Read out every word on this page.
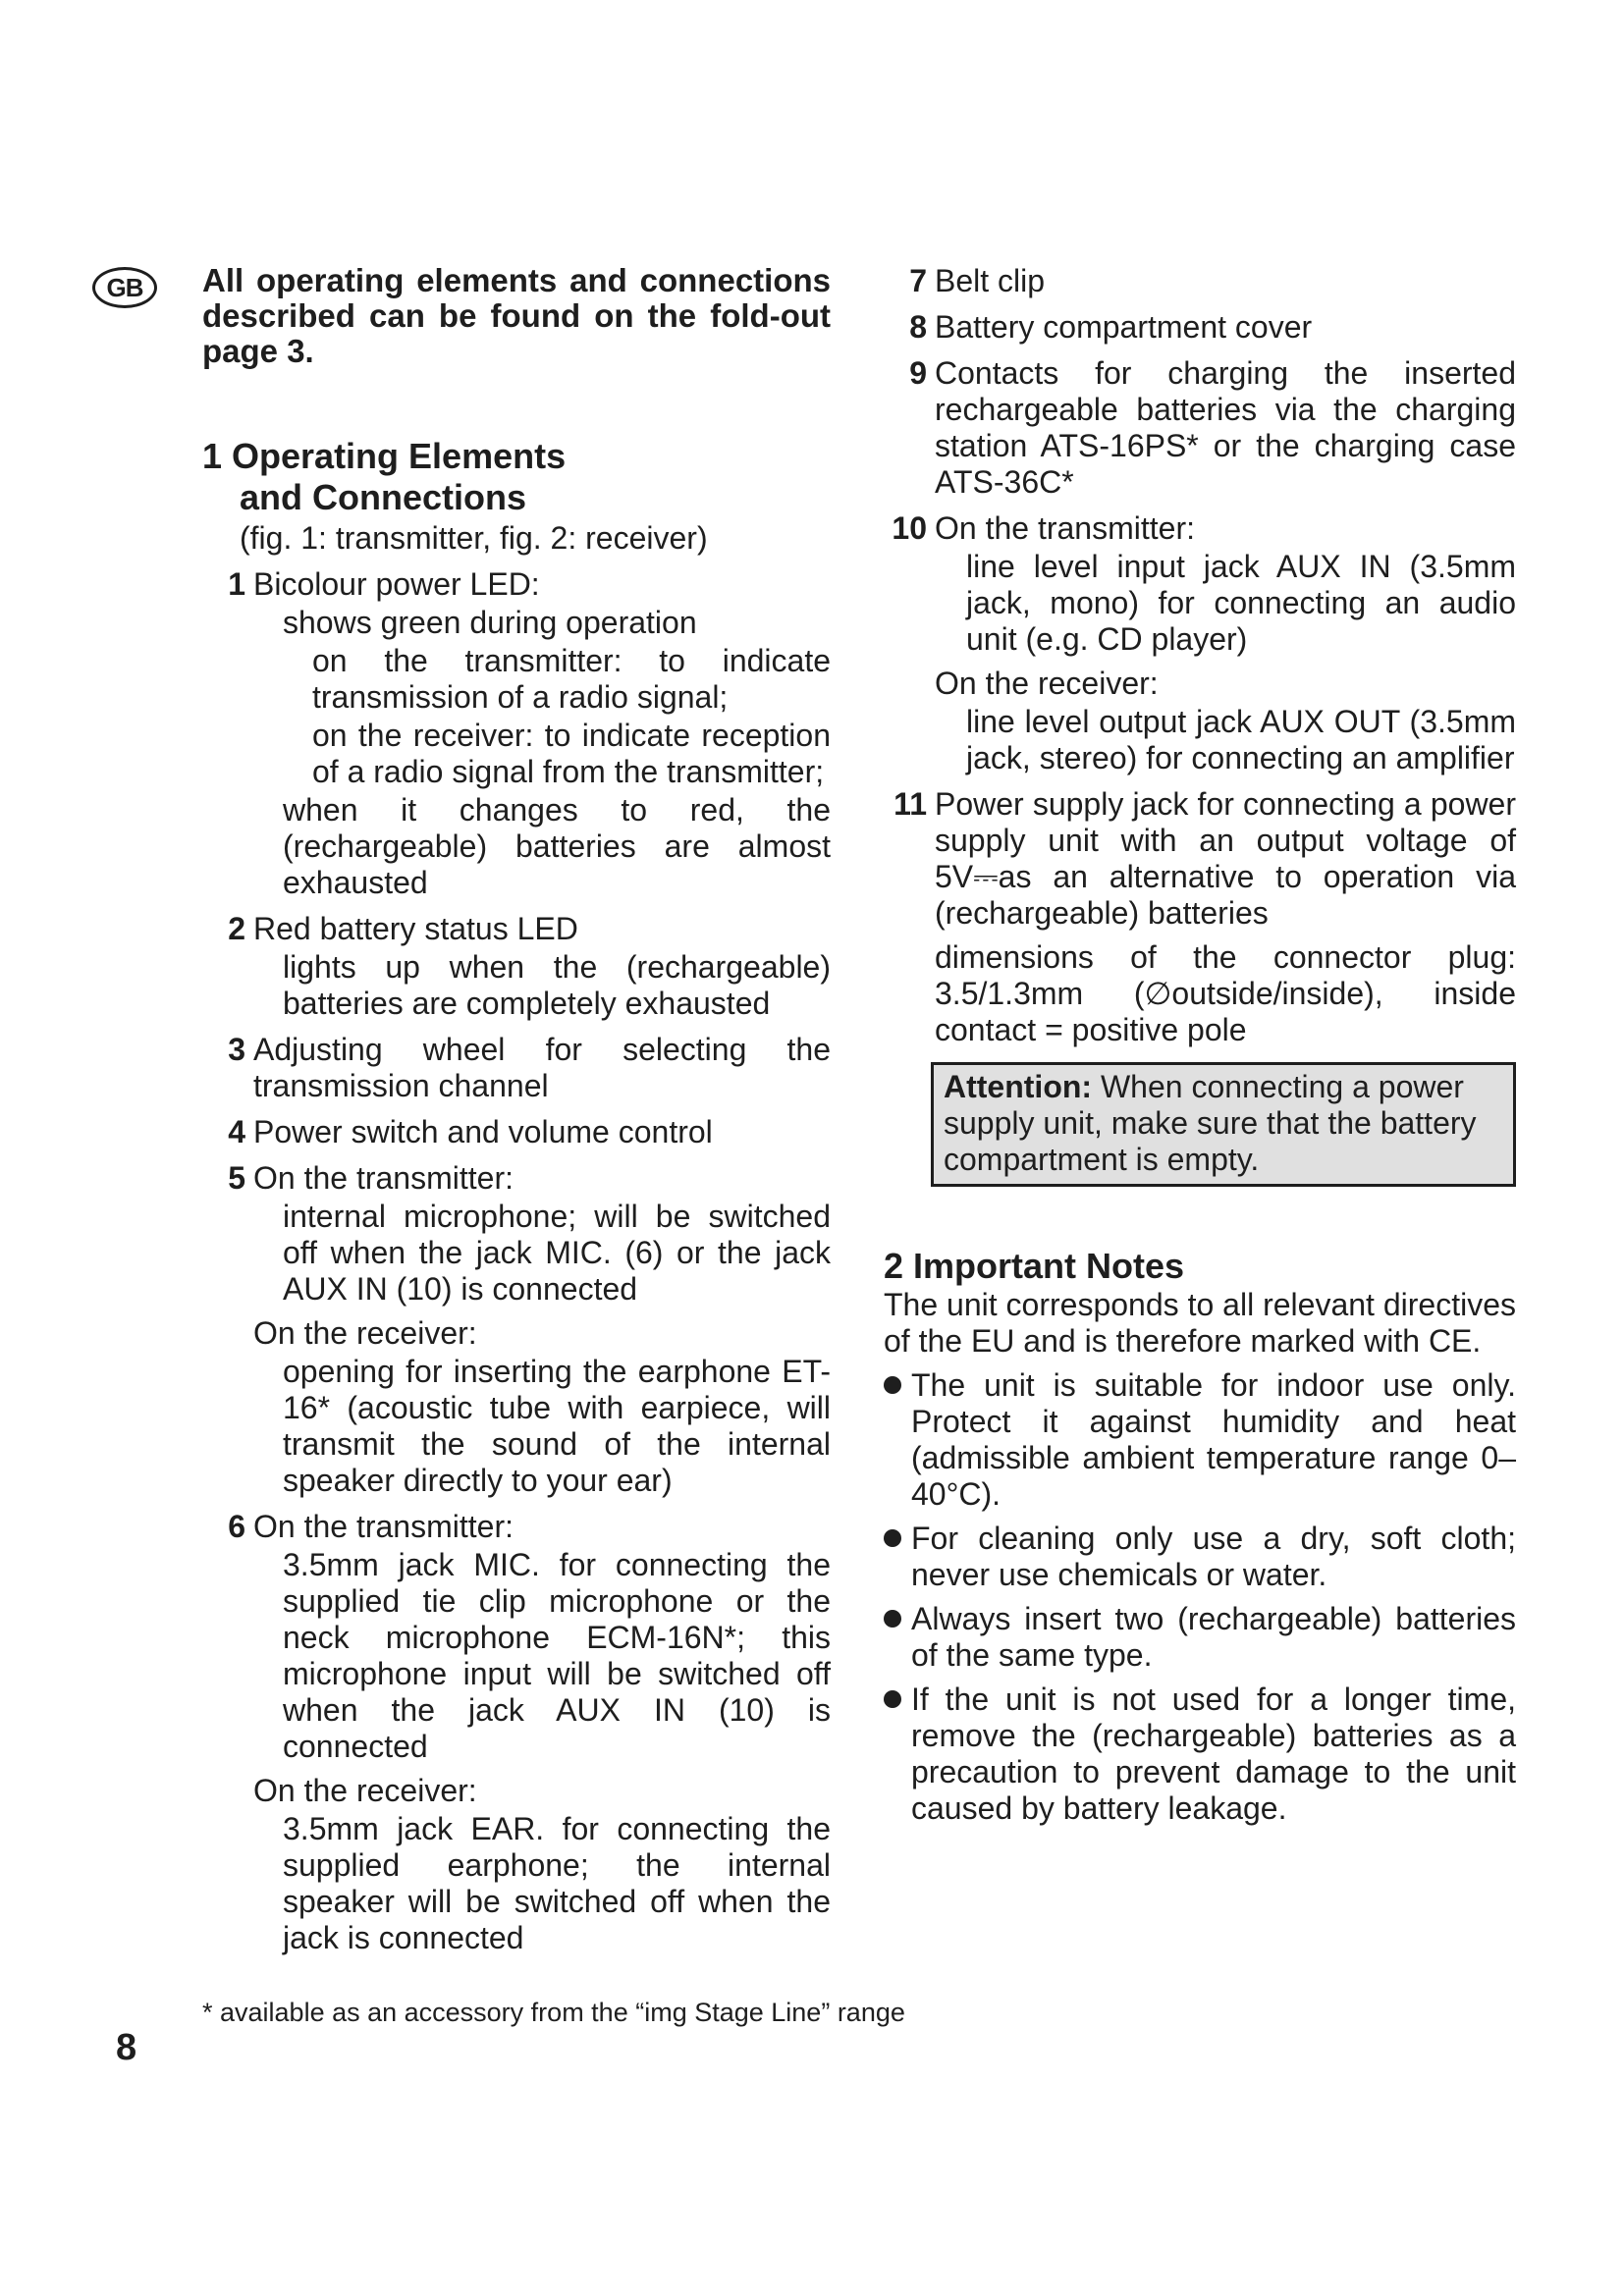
GB	All operating elements and connections described can be found on the fold-out page 3.
1 Operating Elements
and Connections
(fig. 1: transmitter, fig. 2: receiver)
1 Bicolour power LED:
shows green during operation
on the transmitter: to indicate transmission of a radio signal;
on the receiver: to indicate reception of a radio signal from the transmitter;
when it changes to red, the (rechargeable) batteries are almost exhausted
2 Red battery status LED
lights up when the (rechargeable) batteries are completely exhausted
3 Adjusting wheel for selecting the transmission channel
4 Power switch and volume control
5 On the transmitter:
internal microphone; will be switched off when the jack MIC. (6) or the jack AUX IN (10) is connected
On the receiver:
opening for inserting the earphone ET-16* (acoustic tube with earpiece, will transmit the sound of the internal speaker directly to your ear)
6 On the transmitter:
3.5mm jack MIC. for connecting the supplied tie clip microphone or the neck microphone ECM-16N*; this microphone input will be switched off when the jack AUX IN (10) is connected
On the receiver:
3.5mm jack EAR. for connecting the supplied earphone; the internal speaker will be switched off when the jack is connected
7 Belt clip
8 Battery compartment cover
9 Contacts for charging the inserted rechargeable batteries via the charging station ATS-16PS* or the charging case ATS-36C*
10 On the transmitter:
line level input jack AUX IN (3.5mm jack, mono) for connecting an audio unit (e.g. CD player)
On the receiver:
line level output jack AUX OUT (3.5mm jack, stereo) for connecting an amplifier
11 Power supply jack for connecting a power supply unit with an output voltage of 5V⎓as an alternative to operation via (rechargeable) batteries
dimensions of the connector plug: 3.5/1.3mm (∅outside/inside), inside contact = positive pole
Attention: When connecting a power supply unit, make sure that the battery compartment is empty.
2 Important Notes
The unit corresponds to all relevant directives of the EU and is therefore marked with CE.
The unit is suitable for indoor use only. Protect it against humidity and heat (admissible ambient temperature range 0–40°C).
For cleaning only use a dry, soft cloth; never use chemicals or water.
Always insert two (rechargeable) batteries of the same type.
If the unit is not used for a longer time, remove the (rechargeable) batteries as a precaution to prevent damage to the unit caused by battery leakage.
* available as an accessory from the “img Stage Line” range
8
